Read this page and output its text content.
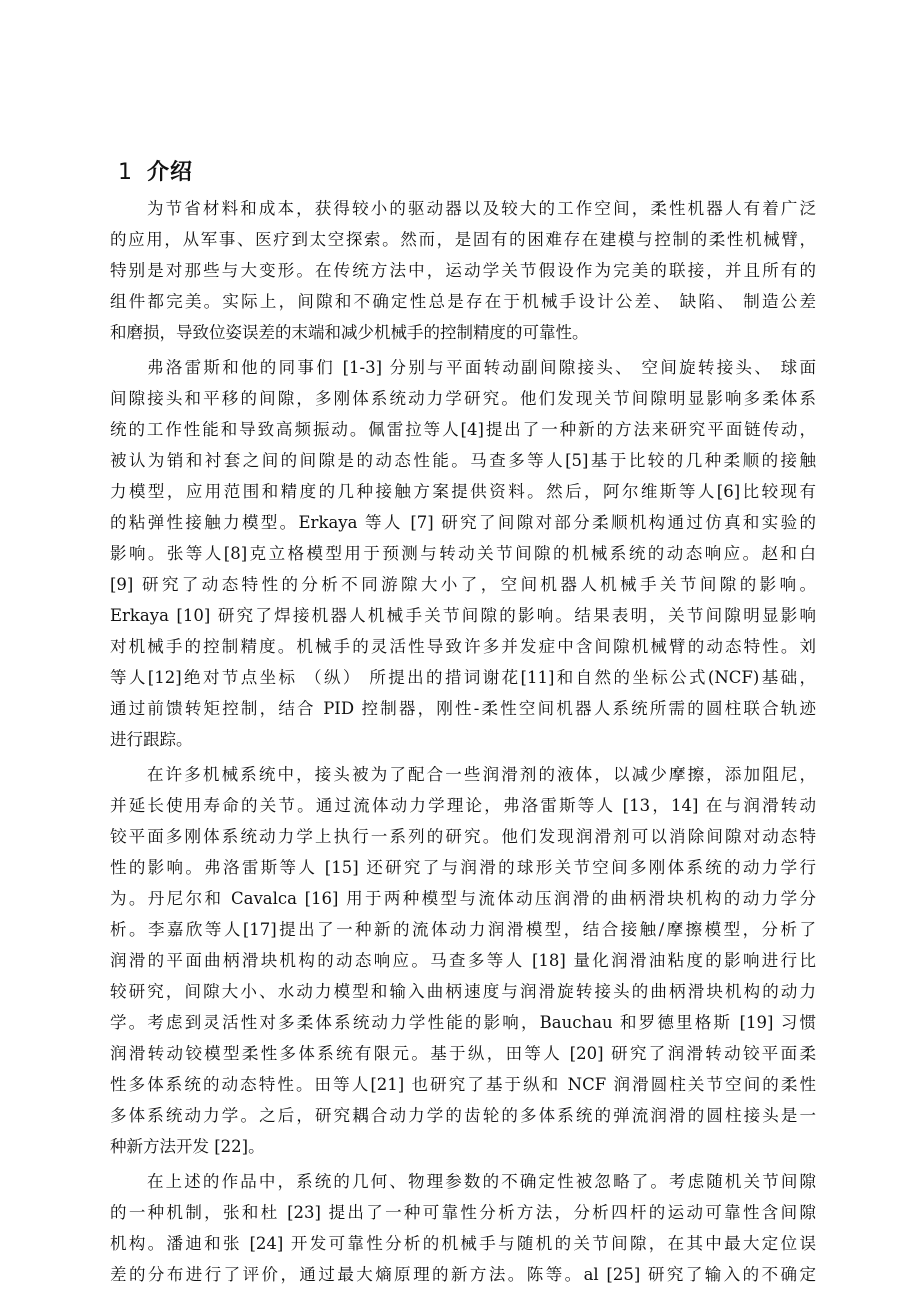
1 介绍
为节省材料和成本，获得较小的驱动器以及较大的工作空间，柔性机器人有着广泛
的应用，从军事、医疗到太空探索。然而，是固有的困难存在建模与控制的柔性机械臂，
特别是对那些与大变形。在传统方法中，运动学关节假设作为完美的联接，并且所有的
组件都完美。实际上，间隙和不确定性总是存在于机械手设计公差、 缺陷、 制造公差
和磨损，导致位姿误差的末端和减少机械手的控制精度的可靠性。
弗洛雷斯和他的同事们 [1-3] 分别与平面转动副间隙接头、 空间旋转接头、 球面
间隙接头和平移的间隙，多刚体系统动力学研究。他们发现关节间隙明显影响多柔体系
统的工作性能和导致高频振动。佩雷拉等人[4]提出了一种新的方法来研究平面链传动，
被认为销和衬套之间的间隙是的动态性能。马查多等人[5]基于比较的几种柔顺的接触
力模型，应用范围和精度的几种接触方案提供资料。然后，阿尔维斯等人[6]比较现有
的粘弹性接触力模型。Erkaya 等人 [7] 研究了间隙对部分柔顺机构通过仿真和实验的
影响。张等人[8]克立格模型用于预测与转动关节间隙的机械系统的动态响应。赵和白
[9] 研究了动态特性的分析不同游隙大小了，空间机器人机械手关节间隙的影响。
Erkaya [10] 研究了焊接机器人机械手关节间隙的影响。结果表明，关节间隙明显影响
对机械手的控制精度。机械手的灵活性导致许多并发症中含间隙机械臂的动态特性。刘
等人[12]绝对节点坐标 （纵） 所提出的措词谢花[11]和自然的坐标公式(NCF)基础，
通过前馈转矩控制，结合 PID 控制器，刚性-柔性空间机器人系统所需的圆柱联合轨迹
进行跟踪。
在许多机械系统中，接头被为了配合一些润滑剂的液体，以减少摩擦，添加阻尼，
并延长使用寿命的关节。通过流体动力学理论，弗洛雷斯等人 [13，14] 在与润滑转动
铰平面多刚体系统动力学上执行一系列的研究。他们发现润滑剂可以消除间隙对动态特
性的影响。弗洛雷斯等人 [15] 还研究了与润滑的球形关节空间多刚体系统的动力学行
为。丹尼尔和 Cavalca [16] 用于两种模型与流体动压润滑的曲柄滑块机构的动力学分
析。李嘉欣等人[17]提出了一种新的流体动力润滑模型，结合接触/摩擦模型，分析了
润滑的平面曲柄滑块机构的动态响应。马查多等人 [18] 量化润滑油粘度的影响进行比
较研究，间隙大小、水动力模型和输入曲柄速度与润滑旋转接头的曲柄滑块机构的动力
学。考虑到灵活性对多柔体系统动力学性能的影响，Bauchau 和罗德里格斯 [19] 习惯
润滑转动铰模型柔性多体系统有限元。基于纵，田等人 [20] 研究了润滑转动铰平面柔
性多体系统的动态特性。田等人[21] 也研究了基于纵和 NCF 润滑圆柱关节空间的柔性
多体系统动力学。之后，研究耦合动力学的齿轮的多体系统的弹流润滑的圆柱接头是一
种新方法开发 [22]。
在上述的作品中，系统的几何、物理参数的不确定性被忽略了。考虑随机关节间隙
的一种机制，张和杜 [23] 提出了一种可靠性分析方法，分析四杆的运动可靠性含间隙
机构。潘迪和张 [24] 开发可靠性分析的机械手与随机的关节间隙，在其中最大定位误
差的分布进行了评价，通过最大熵原理的新方法。陈等。al [25] 研究了输入的不确定
